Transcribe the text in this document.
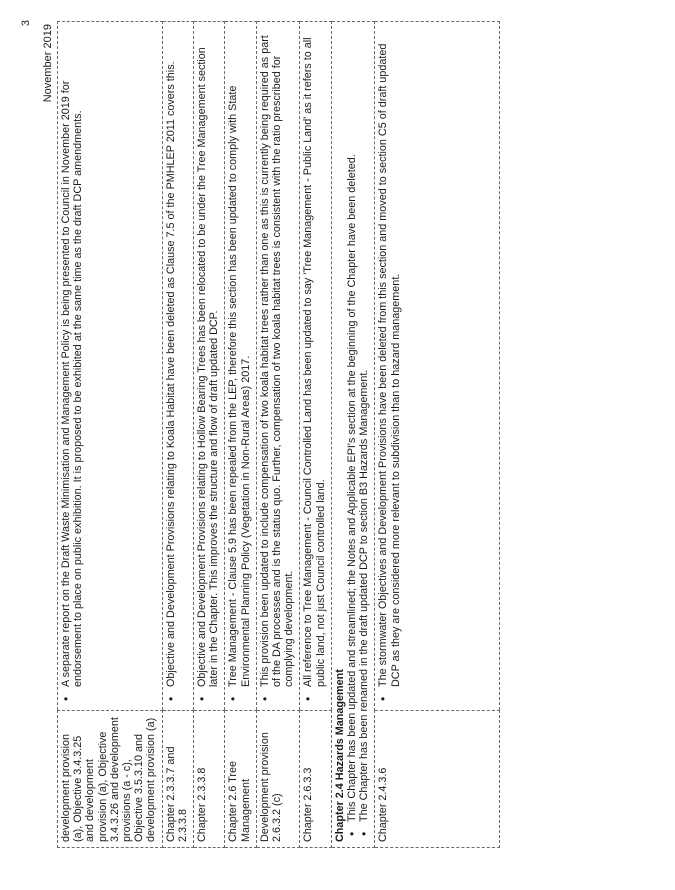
3
November 2019
development provision (a), Objective 3.4.3.25 and development provision (a), Objective 3.4.3.26 and development provisions (a - c), Objective 3.5.3.10 and development provision (a)	•
A separate report on the Draft Waste Minimisation and Management Policy is being presented to Council in November 2019 for endorsement to place on public exhibition. It is proposed to be exhibited at the same time as the draft DCP amendments.

Chapter 2.3.3.7 and 2.3.3.8	•
Objective and Development Provisions relating to Koala Habitat have been deleted as Clause 7.5 of the PMHLEP 2011 covers this.

Chapter 2.3.3.8	•
Objective and Development Provisions relating to Hollow Bearing Trees has been relocated to be under the Tree Management section later in the Chapter. This improves the structure and flow of draft updated DCP.

Chapter 2.6 Tree Management	•
Tree Management - Clause 5.9 has been repealed from the LEP, therefore this section has been updated to comply with State Environmental Planning Policy (Vegetation in Non-Rural Areas) 2017.

Development provision 2.6.3.2 (c)	•
This provision been updated to include compensation of two koala habitat trees rather than one as this is currently being required as part of the DA processes and is the status quo. Further, compensation of two koala habitat trees is consistent with the ratio prescribed for complying development.

Chapter 2.6.3.3	•
All reference to Tree Management - Council Controlled Land has been updated to say 'Tree Management - Public Land' as it refers to all public land, not just Council controlled land.

Chapter 2.4 Hazards Management •
This Chapter has been updated and streamlined; the Notes and Applicable EPI's section at the beginning of the Chapter have been deleted.
•
The Chapter has been renamed in the draft updated DCP to section B3 Hazards Management.	

Chapter 2.4.3.6	•
The stormwater Objectives and Development Provisions have been deleted from this section and moved to section C5 of draft updated DCP as they are considered more relevant to subdivision than to hazard management.
